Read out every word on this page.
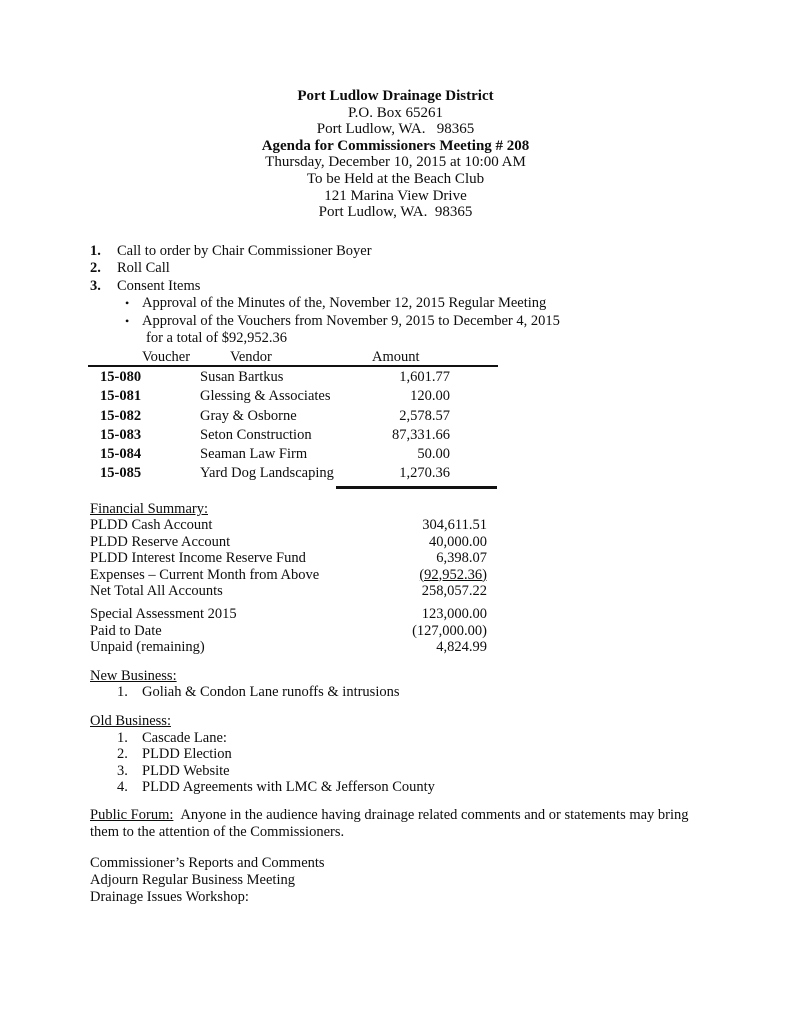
Port Ludlow Drainage District
P.O. Box 65261
Port Ludlow, WA.   98365
Agenda for Commissioners Meeting # 208
Thursday, December 10, 2015 at 10:00 AM
To be Held at the Beach Club
121 Marina View Drive
Port Ludlow, WA.  98365
1.	Call to order by Chair Commissioner Boyer
2.	Roll Call
3.	Consent Items
• Approval of the Minutes of the, November 12, 2015 Regular Meeting
• Approval of the Vouchers from November 9, 2015 to December 4, 2015
for a total of $92,952.36
Voucher	Vendor	Amount
15-080	Susan Bartkus	1,601.77
15-081	Glessing & Associates	120.00
15-082	Gray & Osborne	2,578.57
15-083	Seton Construction	87,331.66
15-084	Seaman Law Firm	50.00
15-085	Yard Dog Landscaping	1,270.36
Financial Summary:
PLDD Cash Account	304,611.51
PLDD Reserve Account	40,000.00
PLDD Interest Income Reserve Fund	6,398.07
Expenses – Current Month from Above	(92,952.36)
Net Total All Accounts	258,057.22
Special Assessment 2015	123,000.00
Paid to Date	(127,000.00)
Unpaid (remaining)	4,824.99
New Business:
1. Goliah & Condon Lane runoffs & intrusions
Old Business:
1. Cascade Lane:
2. PLDD Election
3. PLDD Website
4. PLDD Agreements with LMC & Jefferson County
Public Forum: Anyone in the audience having drainage related comments and or statements may bring them to the attention of the Commissioners.
Commissioner’s Reports and Comments
Adjourn Regular Business Meeting
Drainage Issues Workshop:
